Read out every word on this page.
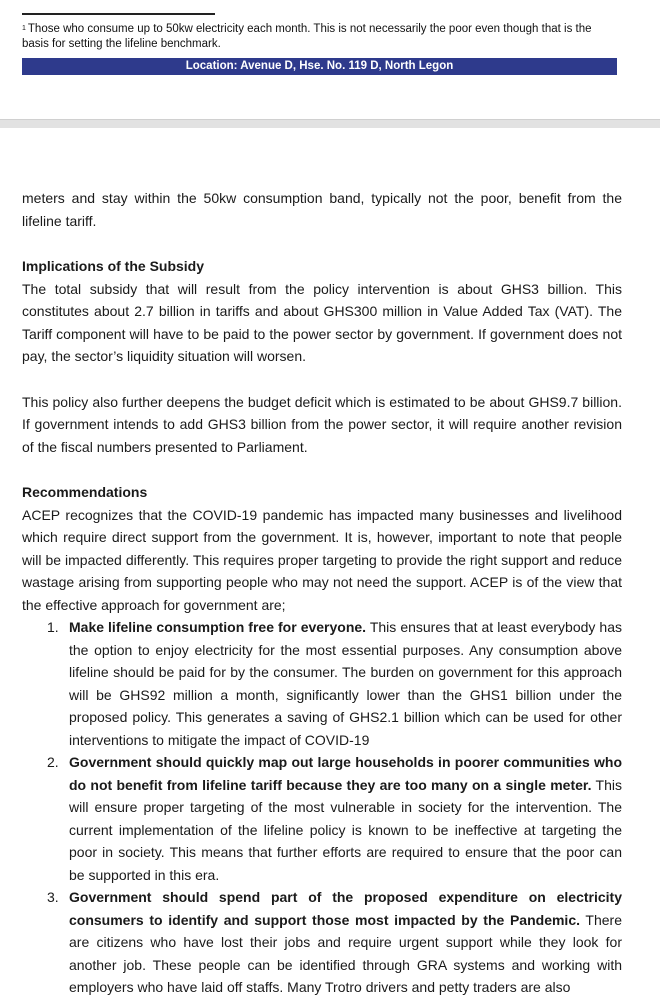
$^1$ Those who consume up to 50kw electricity each month. This is not necessarily the poor even though that is the basis for setting the lifeline benchmark.
Location: Avenue D, Hse. No. 119 D, North Legon

meters and stay within the 50kw consumption band, typically not the poor, benefit from the lifeline tariff.

Implications of the Subsidy

The total subsidy that will result from the policy intervention is about GHS3 billion. This constitutes about 2.7 billion in tariffs and about GHS300 million in Value Added Tax (VAT). The Tariff component will have to be paid to the power sector by government. If government does not pay, the sector’s liquidity situation will worsen.

This policy also further deepens the budget deficit which is estimated to be about GHS9.7 billion. If government intends to add GHS3 billion from the power sector, it will require another revision of the fiscal numbers presented to Parliament.

Recommendations

ACEP recognizes that the COVID-19 pandemic has impacted many businesses and livelihood which require direct support from the government. It is, however, important to note that people will be impacted differently. This requires proper targeting to provide the right support and reduce wastage arising from supporting people who may not need the support. ACEP is of the view that the effective approach for government are;

1. Make lifeline consumption free for everyone. This ensures that at least everybody has the option to enjoy electricity for the most essential purposes. Any consumption above lifeline should be paid for by the consumer. The burden on government for this approach will be GHS92 million a month, significantly lower than the GHS1 billion under the proposed policy. This generates a saving of GHS2.1 billion which can be used for other interventions to mitigate the impact of COVID-19
2. Government should quickly map out large households in poorer communities who do not benefit from lifeline tariff because they are too many on a single meter. This will ensure proper targeting of the most vulnerable in society for the intervention. The current implementation of the lifeline policy is known to be ineffective at targeting the poor in society. This means that further efforts are required to ensure that the poor can be supported in this era.
3. Government should spend part of the proposed expenditure on electricity consumers to identify and support those most impacted by the Pandemic. There are citizens who have lost their jobs and require urgent support while they look for another job. These people can be identified through GRA systems and working with employers who have laid off staffs. Many Trotro drivers and petty traders are also
